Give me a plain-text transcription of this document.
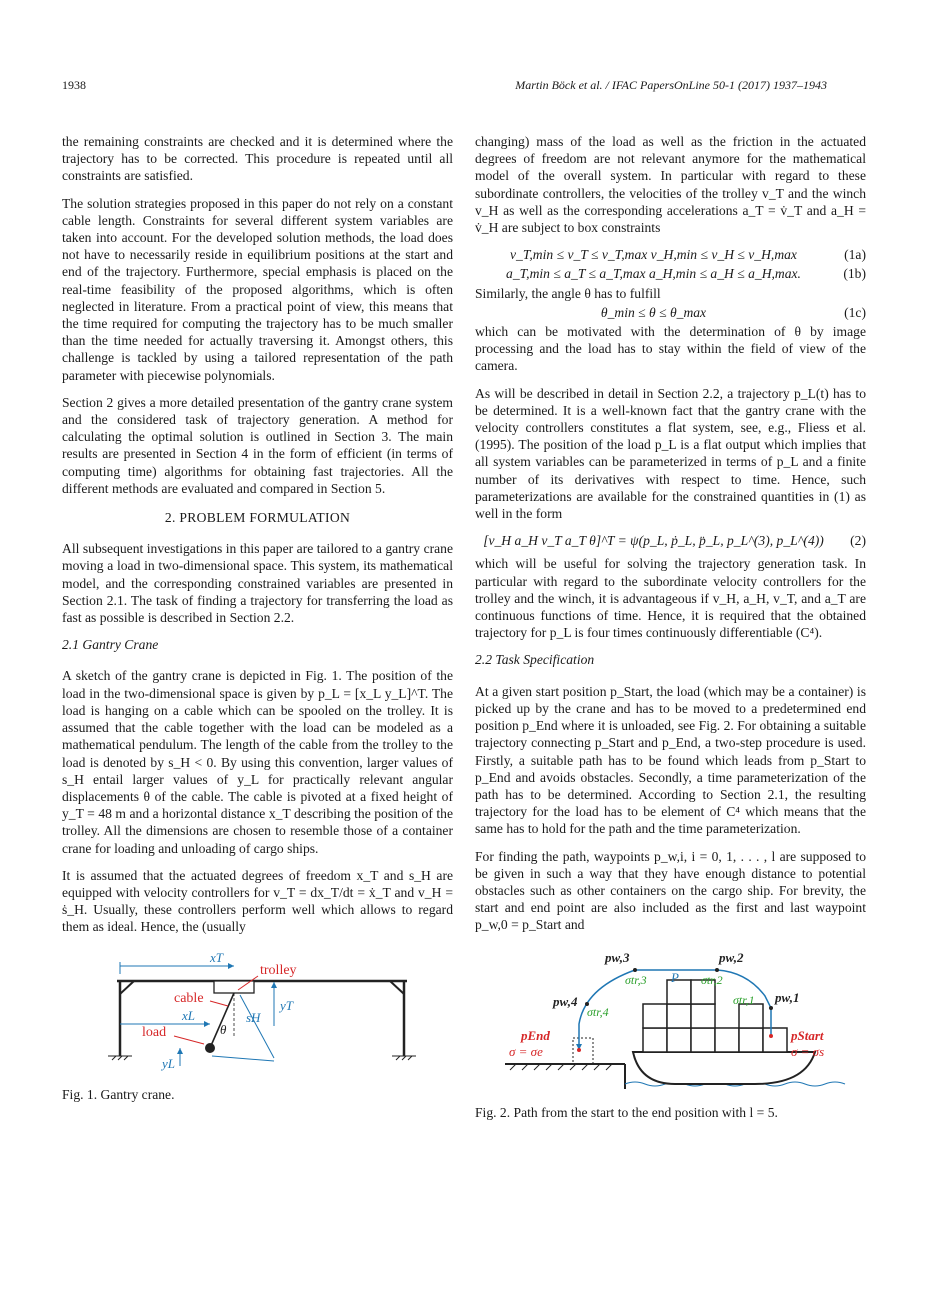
1938	Martin Böck et al. / IFAC PapersOnLine 50-1 (2017) 1937–1943

the remaining constraints are checked and it is determined where the trajectory has to be corrected. This procedure is repeated until all constraints are satisfied.

The solution strategies proposed in this paper do not rely on a constant cable length. Constraints for several different system variables are taken into account. For the developed solution methods, the load does not have to necessarily reside in equilibrium positions at the start and end of the trajectory. Furthermore, special emphasis is placed on the real-time feasibility of the proposed algorithms, which is often neglected in literature. From a practical point of view, this means that the time required for computing the trajectory has to be much smaller than the time needed for actually traversing it. Amongst others, this challenge is tackled by using a tailored representation of the path parameter with piecewise polynomials.

Section 2 gives a more detailed presentation of the gantry crane system and the considered task of trajectory generation. A method for calculating the optimal solution is outlined in Section 3. The main results are presented in Section 4 in the form of efficient (in terms of computing time) algorithms for obtaining fast trajectories. All the different methods are evaluated and compared in Section 5.

2. PROBLEM FORMULATION

All subsequent investigations in this paper are tailored to a gantry crane moving a load in two-dimensional space. This system, its mathematical model, and the corresponding constrained variables are presented in Section 2.1. The task of finding a trajectory for transferring the load as fast as possible is described in Section 2.2.

2.1 Gantry Crane

A sketch of the gantry crane is depicted in Fig. 1. The position of the load in the two-dimensional space is given by p_L = [x_L y_L]^T. The load is hanging on a cable which can be spooled on the trolley. It is assumed that the cable together with the load can be modeled as a mathematical pendulum. The length of the cable from the trolley to the load is denoted by s_H < 0. By using this convention, larger values of s_H entail larger values of y_L for practically relevant angular displacements θ of the cable. The cable is pivoted at a fixed height of y_T = 48 m and a horizontal distance x_T describing the position of the trolley. All the dimensions are chosen to resemble those of a container crane for loading and unloading of cargo ships.

It is assumed that the actuated degrees of freedom x_T and s_H are equipped with velocity controllers for v_T = dx_T/dt = ẋ_T and v_H = ṡ_H. Usually, these controllers perform well which allows to regard them as ideal. Hence, the (usually

xT
trolley
cable
xL	sH
yT
load	θ
yL
Fig. 1. Gantry crane.

changing) mass of the load as well as the friction in the actuated degrees of freedom are not relevant anymore for the mathematical model of the overall system. In particular with regard to these subordinate controllers, the velocities of the trolley v_T and the winch v_H as well as the corresponding accelerations a_T = v̇_T and a_H = v̇_H are subject to box constraints

v_T,min ≤ v_T ≤ v_T,max v_H,min ≤ v_H ≤ v_H,max	(1a)
a_T,min ≤ a_T ≤ a_T,max a_H,min ≤ a_H ≤ a_H,max.	(1b)

Similarly, the angle θ has to fulfill

θ_min ≤ θ ≤ θ_max	(1c)

which can be motivated with the determination of θ by image processing and the load has to stay within the field of view of the camera.

As will be described in detail in Section 2.2, a trajectory p_L(t) has to be determined. It is a well-known fact that the gantry crane with the velocity controllers constitutes a flat system, see, e.g., Fliess et al. (1995). The position of the load p_L is a flat output which implies that all system variables can be parameterized in terms of p_L and a finite number of its derivatives with respect to time. Hence, such parameterizations are available for the constrained quantities in (1) as well in the form

[v_H a_H v_T a_T θ]^T = ψ(p_L, ṗ_L, p̈_L, p_L^(3), p_L^(4))	(2)

which will be useful for solving the trajectory generation task. In particular with regard to the subordinate velocity controllers for the trolley and the winch, it is advantageous if v_H, a_H, v_T, and a_T are continuous functions of time. Hence, it is required that the obtained trajectory for p_L is four times continuously differentiable (C⁴).

2.2 Task Specification

At a given start position p_Start, the load (which may be a container) is picked up by the crane and has to be moved to a predetermined end position p_End where it is unloaded, see Fig. 2. For obtaining a suitable trajectory connecting p_Start and p_End, a two-step procedure is used. Firstly, a suitable path has to be found which leads from p_Start to p_End and avoids obstacles. Secondly, a time parameterization of the path has to be determined. According to Section 2.1, the resulting trajectory for the load has to be element of C⁴ which means that the same has to hold for the path and the time parameterization.

For finding the path, waypoints p_w,i, i = 0, 1, . . . , l are supposed to be given in such a way that they have enough distance to potential obstacles such as other containers on the cargo ship. For brevity, the start and end point are also included as the first and last waypoint p_w,0 = p_Start and

pw,3	pw,2
σtr,3 P σtr,2
pw,4	σtr,1 pw,1
σtr,4
pEnd	pStart
σ = σe	σ = σs
Fig. 2. Path from the start to the end position with l = 5.
